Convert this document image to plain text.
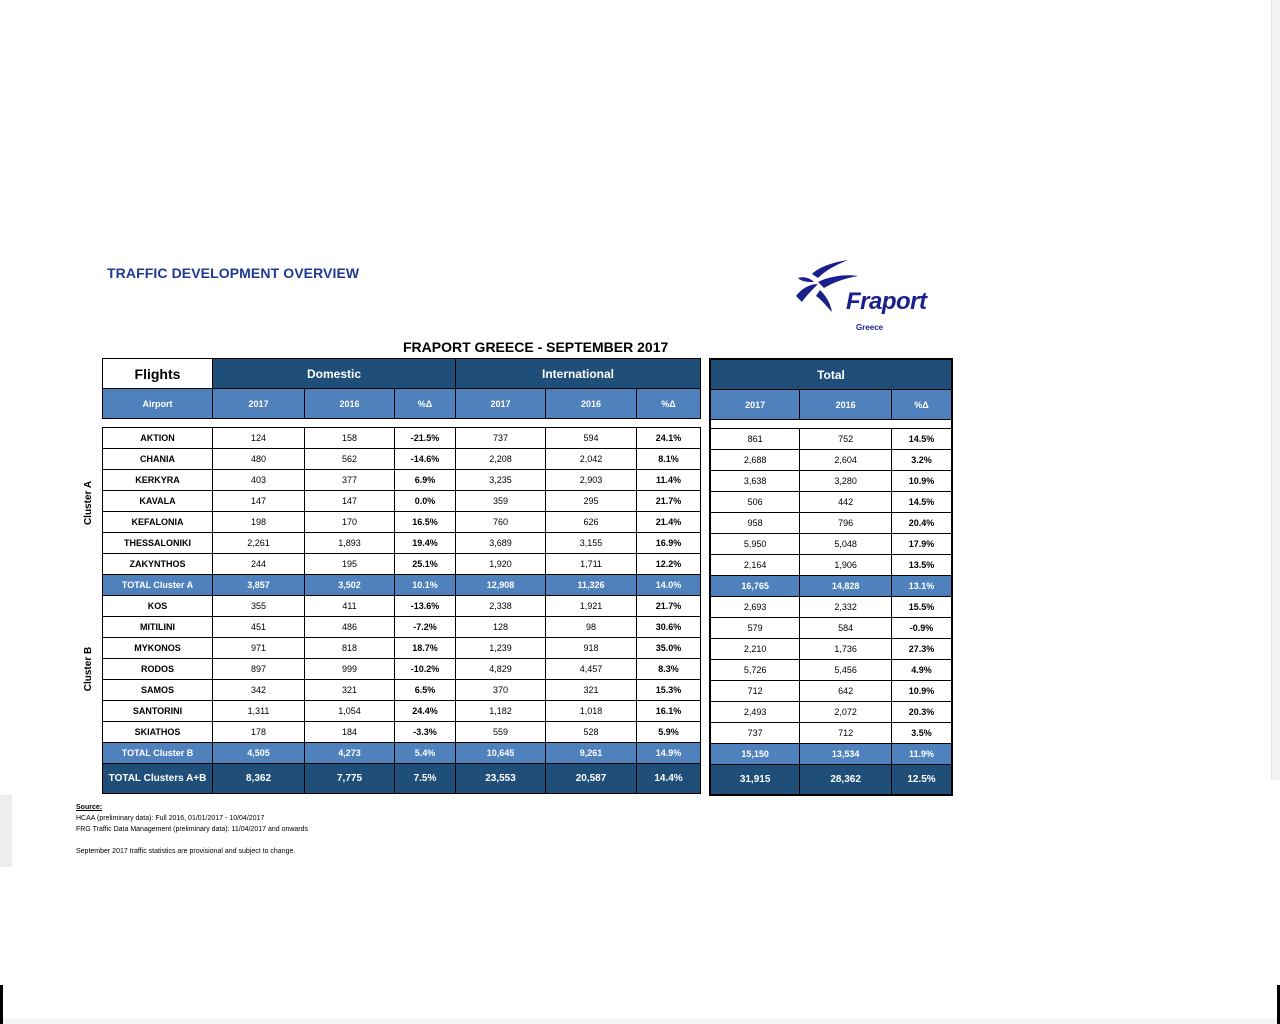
TRAFFIC DEVELOPMENT OVERVIEW
Fraport
Greece
FRAPORT GREECE - SEPTEMBER 2017
Flights	Domestic			International		
Airport	2017	2016	%Δ	2017	2016	%Δ

AKTION	124	158	-21.5%	737	594	24.1%
CHANIA	480	562	-14.6%	2,208	2,042	8.1%
KERKYRA	403	377	6.9%	3,235	2,903	11.4%
KAVALA	147	147	0.0%	359	295	21.7%
KEFALONIA	198	170	16.5%	760	626	21.4%
THESSALONIKI	2,261	1,893	19.4%	3,689	3,155	16.9%
ZAKYNTHOS	244	195	25.1%	1,920	1,711	12.2%
TOTAL Cluster A	3,857	3,502	10.1%	12,908	11,326	14.0%
KOS	355	411	-13.6%	2,338	1,921	21.7%
MITILINI	451	486	-7.2%	128	98	30.6%
MYKONOS	971	818	18.7%	1,239	918	35.0%
RODOS	897	999	-10.2%	4,829	4,457	8.3%
SAMOS	342	321	6.5%	370	321	15.3%
SANTORINI	1,311	1,054	24.4%	1,182	1,018	16.1%
SKIATHOS	178	184	-3.3%	559	528	5.9%
TOTAL Cluster B	4,505	4,273	5.4%	10,645	9,261	14.9%
TOTAL Clusters A+B	8,362	7,775	7.5%	23,553	20,587	14.4%
Total		
2017	2016	%Δ

861	752	14.5%
2,688	2,604	3.2%
3,638	3,280	10.9%
506	442	14.5%
958	796	20.4%
5,950	5,048	17.9%
2,164	1,906	13.5%
16,765	14,828	13.1%
2,693	2,332	15.5%
579	584	-0.9%
2,210	1,736	27.3%
5,726	5,456	4.9%
712	642	10.9%
2,493	2,072	20.3%
737	712	3.5%
15,150	13,534	11.9%
31,915	28,362	12.5%
Cluster A
Cluster B
Source:
HCAA (preliminary data): Full 2016, 01/01/2017 - 10/04/2017
FRG Traffic Data Management (preliminary data): 11/04/2017 and onwards
September 2017 traffic statistics are provisional and subject to change.
